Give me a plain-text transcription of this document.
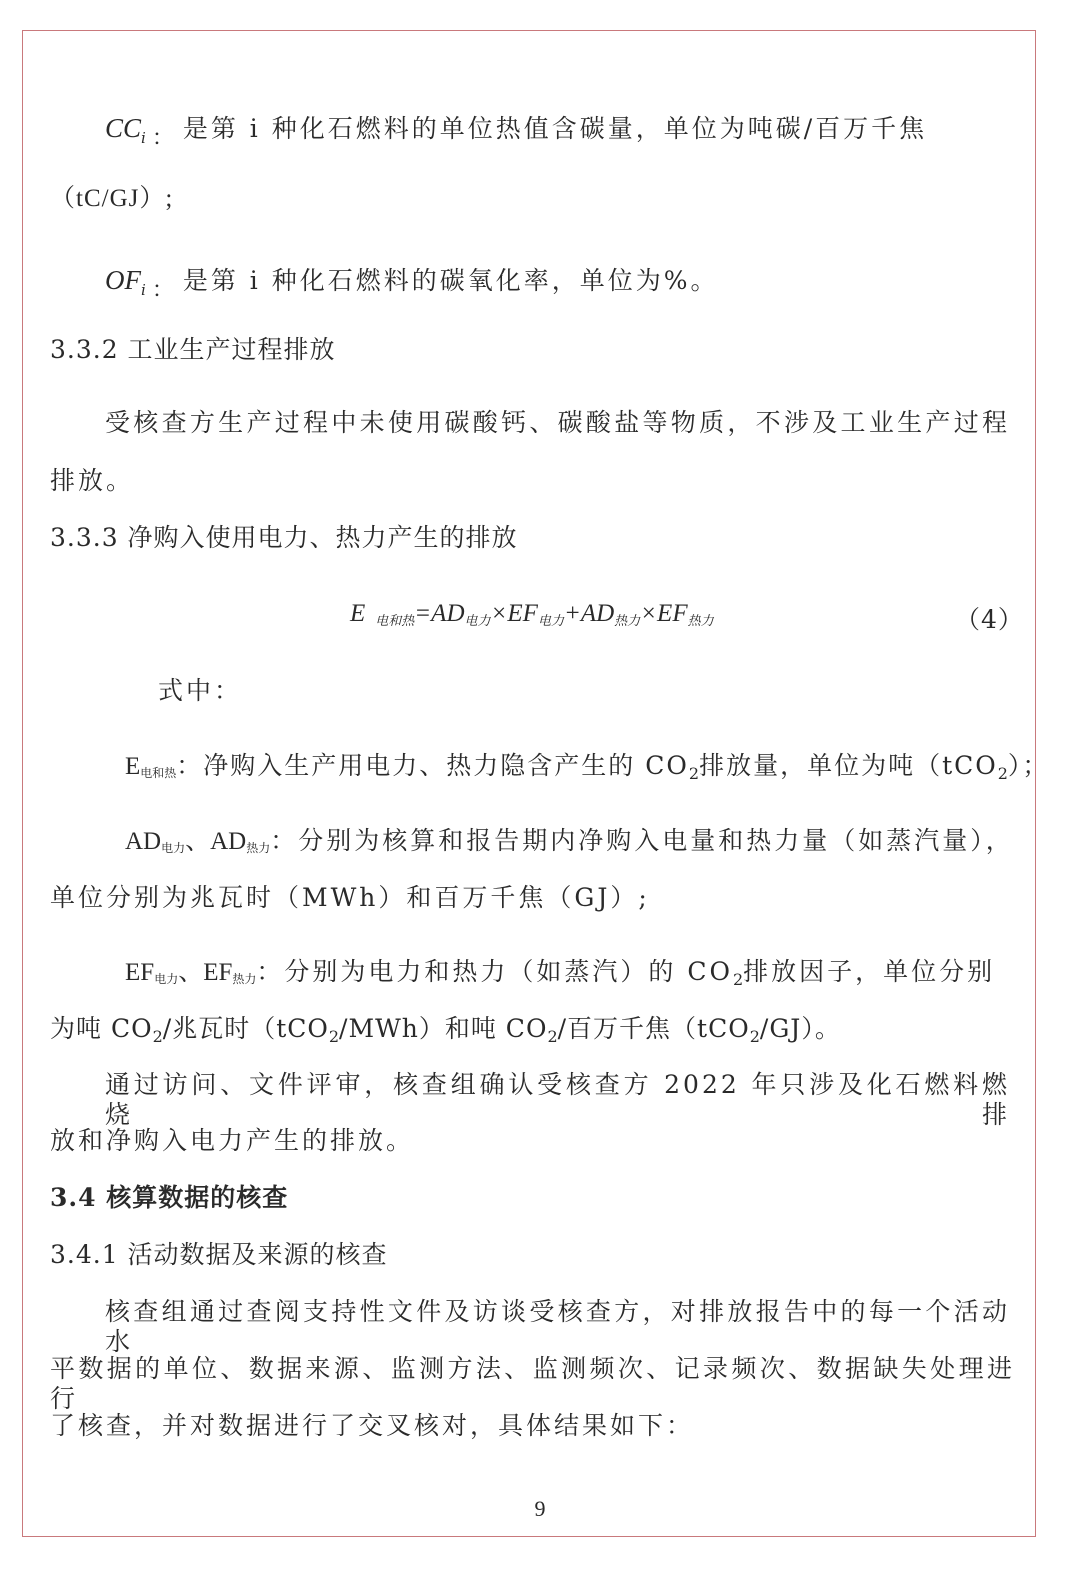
$CC_i$ ： 是第 i 种化石燃料的单位热值含碳量，单位为吨碳/百万千焦
（tC/GJ）;
$OF_i$ ： 是第 i 种化石燃料的碳氧化率，单位为%。
3.3.2 工业生产过程排放
受核查方生产过程中未使用碳酸钙、碳酸盐等物质，不涉及工业生产过程
排放。
3.3.3 净购入使用电力、热力产生的排放
E电和热=AD电力×EF电力+AD热力×EF热力	（4）
式中：
E电和热：净购入生产用电力、热力隐含产生的 $CO_2$排放量，单位为吨（tCO$_2$）；
AD电力、AD热力：分别为核算和报告期内净购入电量和热力量（如蒸汽量），
单位分别为兆瓦时（MWh）和百万千焦（GJ）;
EF电力、EF热力：分别为电力和热力（如蒸汽）的 $CO_2$排放因子，单位分别
为吨 $CO_2/$兆瓦时（tCO$_2$/MWh）和吨 $CO_2/$百万千焦（tCO$_2$/GJ）。
通过访问、文件评审，核查组确认受核查方 2022 年只涉及化石燃料燃烧排
放和净购入电力产生的排放。
3.4 核算数据的核查
3.4.1 活动数据及来源的核查
核查组通过查阅支持性文件及访谈受核查方，对排放报告中的每一个活动水
平数据的单位、数据来源、监测方法、监测频次、记录频次、数据缺失处理进行
了核查，并对数据进行了交叉核对，具体结果如下：
9
